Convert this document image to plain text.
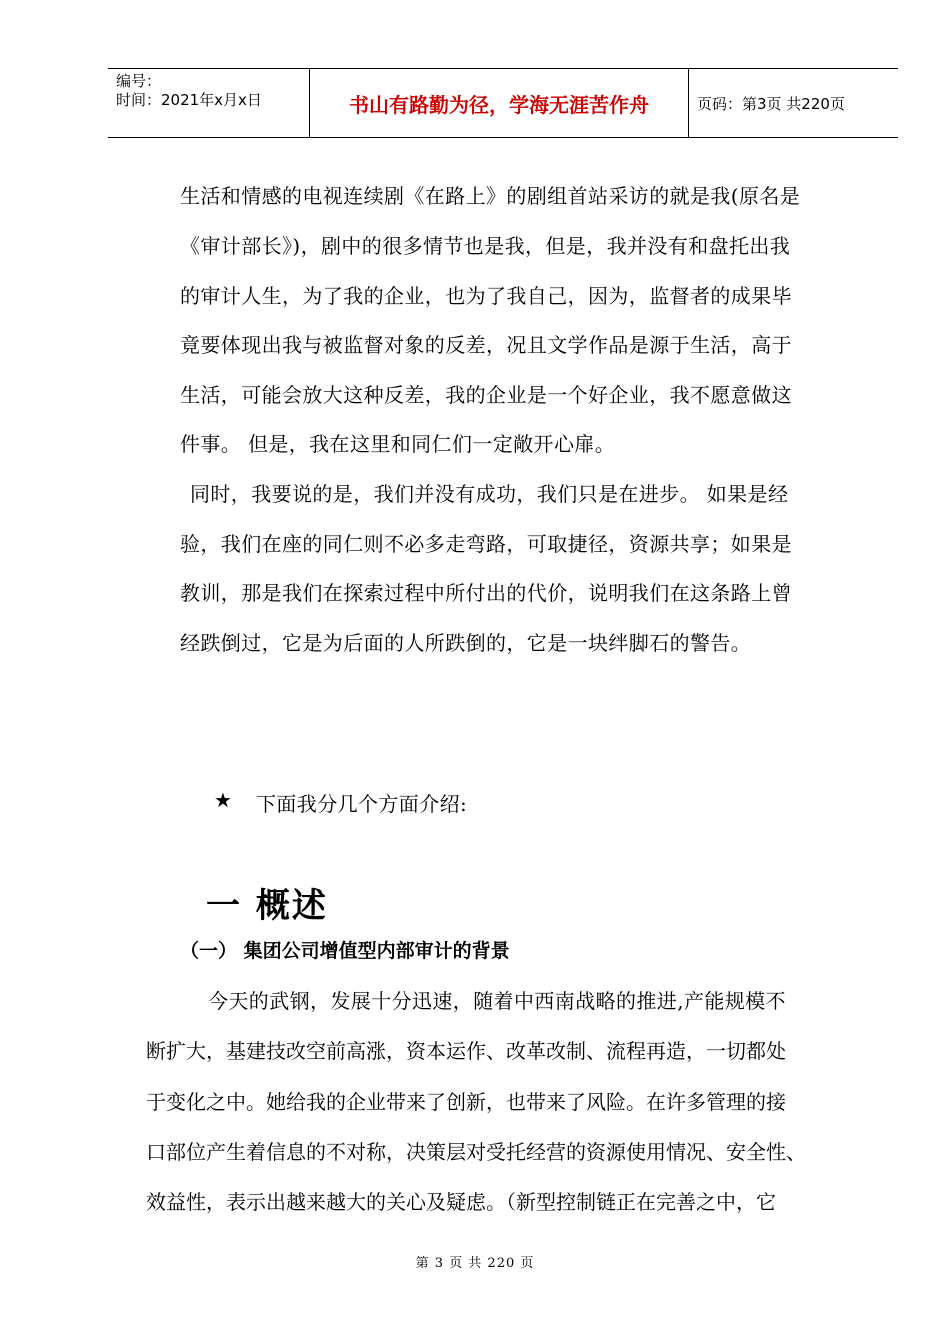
编号：
时间：2021年x月x日	书山有路勤为径，学海无涯苦作舟	页码：第3页 共220页
生活和情感的电视连续剧《在路上》的剧组首站采访的就是我(原名是
《审计部长》)，剧中的很多情节也是我，但是，我并没有和盘托出我
的审计人生，为了我的企业，也为了我自己，因为，监督者的成果毕
竟要体现出我与被监督对象的反差，况且文学作品是源于生活，高于
生活，可能会放大这种反差，我的企业是一个好企业，我不愿意做这
件事。 但是，我在这里和同仁们一定敞开心扉。
同时，我要说的是，我们并没有成功，我们只是在进步。 如果是经
验，我们在座的同仁则不必多走弯路，可取捷径，资源共享；如果是
教训，那是我们在探索过程中所付出的代价，说明我们在这条路上曾
经跌倒过，它是为后面的人所跌倒的，它是一块绊脚石的警告。
★ 下面我分几个方面介绍:
一 概述
（一） 集团公司增值型内部审计的背景
今天的武钢，发展十分迅速，随着中西南战略的推进,产能规模不
断扩大，基建技改空前高涨，资本运作、改革改制、流程再造，一切都处
于变化之中。她给我的企业带来了创新，也带来了风险。在许多管理的接
口部位产生着信息的不对称，决策层对受托经营的资源使用情况、安全性、
效益性，表示出越来越大的关心及疑虑。（新型控制链正在完善之中，它
第 3 页 共 220 页
